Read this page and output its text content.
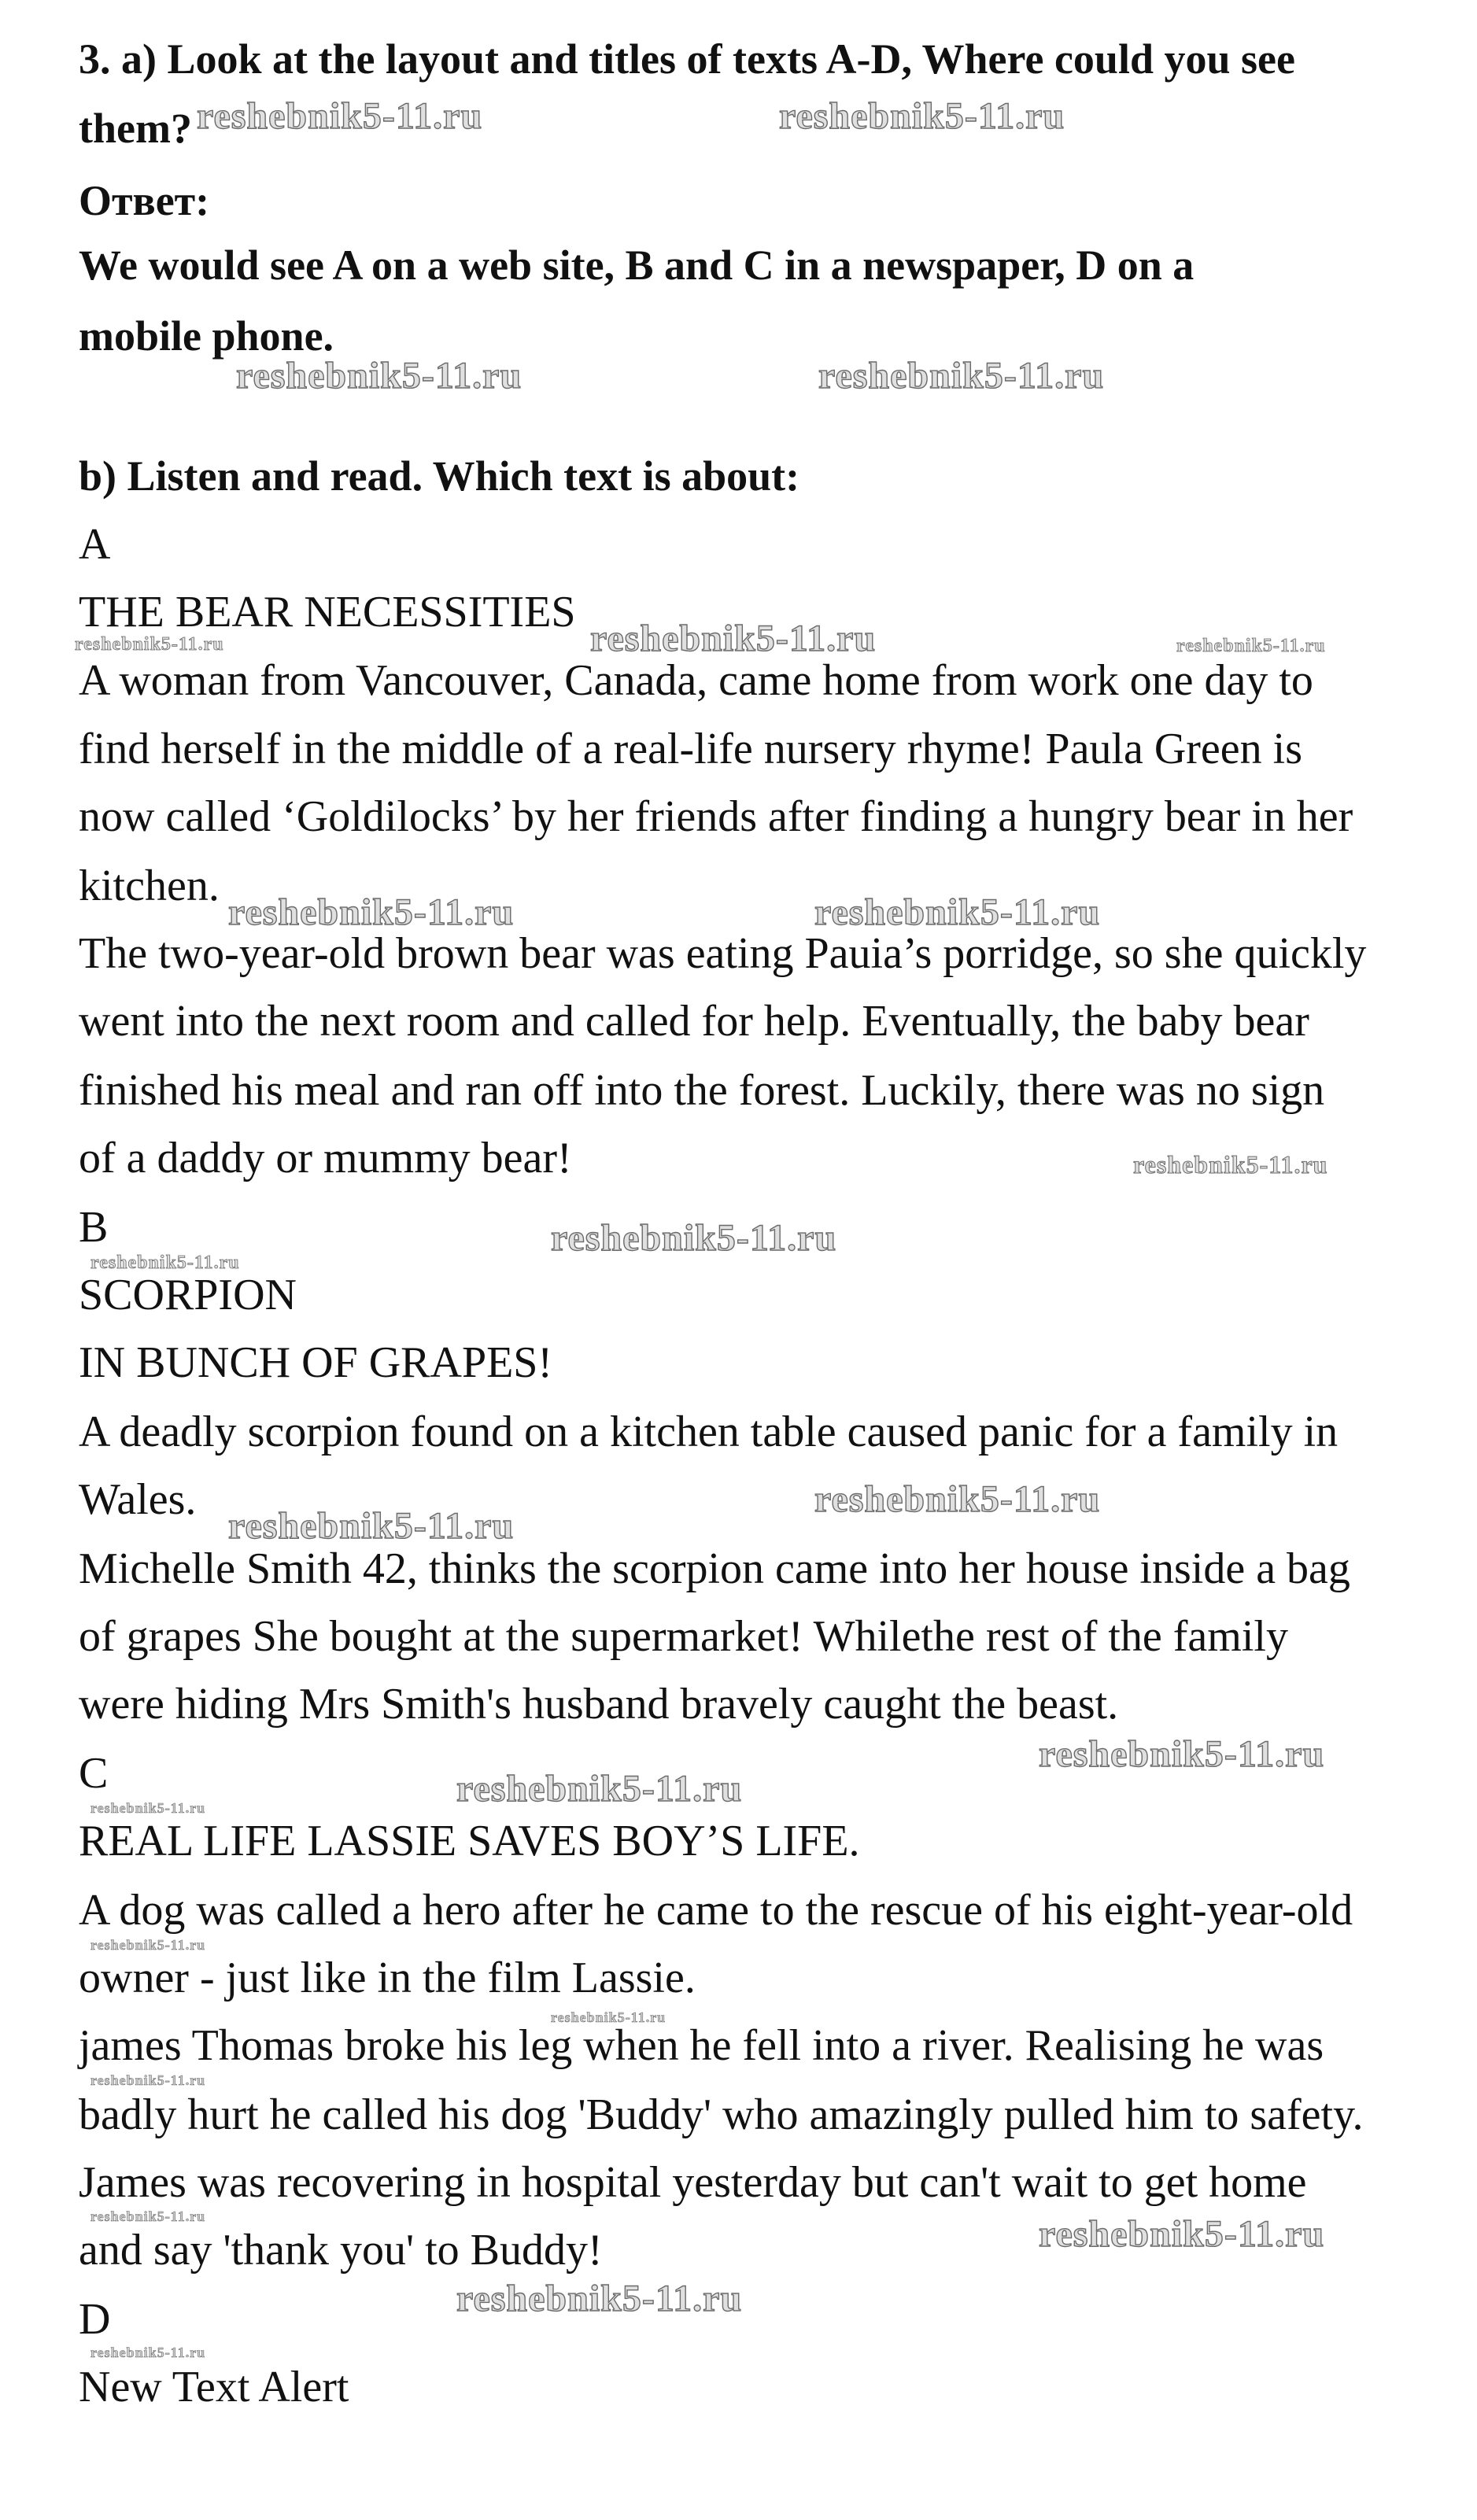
3. a) Look at the layout and titles of texts A-D, Where could you see
them?
Ответ:
We would see A on a web site, B and C in a newspaper, D on a
mobile phone.
b) Listen and read. Which text is about:
A
THE BEAR NECESSITIES
A woman from Vancouver, Canada, came home from work one day to
find herself in the middle of a real-life nursery rhyme! Paula Green is
now called ‘Goldilocks’ by her friends after finding a hungry bear in her
kitchen.
The two-year-old brown bear was eating Pauia’s porridge, so she quickly
went into the next room and called for help. Eventually, the baby bear
finished his meal and ran off into the forest. Luckily, there was no sign
of a daddy or mummy bear!
B
SCORPION
IN BUNCH OF GRAPES!
A deadly scorpion found on a kitchen table caused panic for a family in
Wales.
Michelle Smith 42, thinks the scorpion came into her house inside a bag
of grapes She bought at the supermarket! Whilethe rest of the family
were hiding Mrs Smith's husband bravely caught the beast.
C
REAL LIFE LASSIE SAVES BOY’S LIFE.
A dog was called a hero after he came to the rescue of his eight-year-old
owner - just like in the film Lassie.
james Thomas broke his leg when he fell into a river. Realising he was
badly hurt he called his dog 'Buddy' who amazingly pulled him to safety.
James was recovering in hospital yesterday but can't wait to get home
and say 'thank you' to Buddy!
D
New Text Alert
reshebnik5-11.ru	reshebnik5-11.ru
reshebnik5-11.ru	reshebnik5-11.ru
reshebnik5-11.ru	reshebnik5-11.ru	reshebnik5-11.ru
reshebnik5-11.ru	reshebnik5-11.ru
reshebnik5-11.ru
reshebnik5-11.ru
reshebnik5-11.ru
reshebnik5-11.ru
reshebnik5-11.ru
reshebnik5-11.ru
reshebnik5-11.ru
reshebnik5-11.ru
reshebnik5-11.ru
reshebnik5-11.ru
reshebnik5-11.ru
reshebnik5-11.ru	reshebnik5-11.ru
reshebnik5-11.ru
reshebnik5-11.ru
